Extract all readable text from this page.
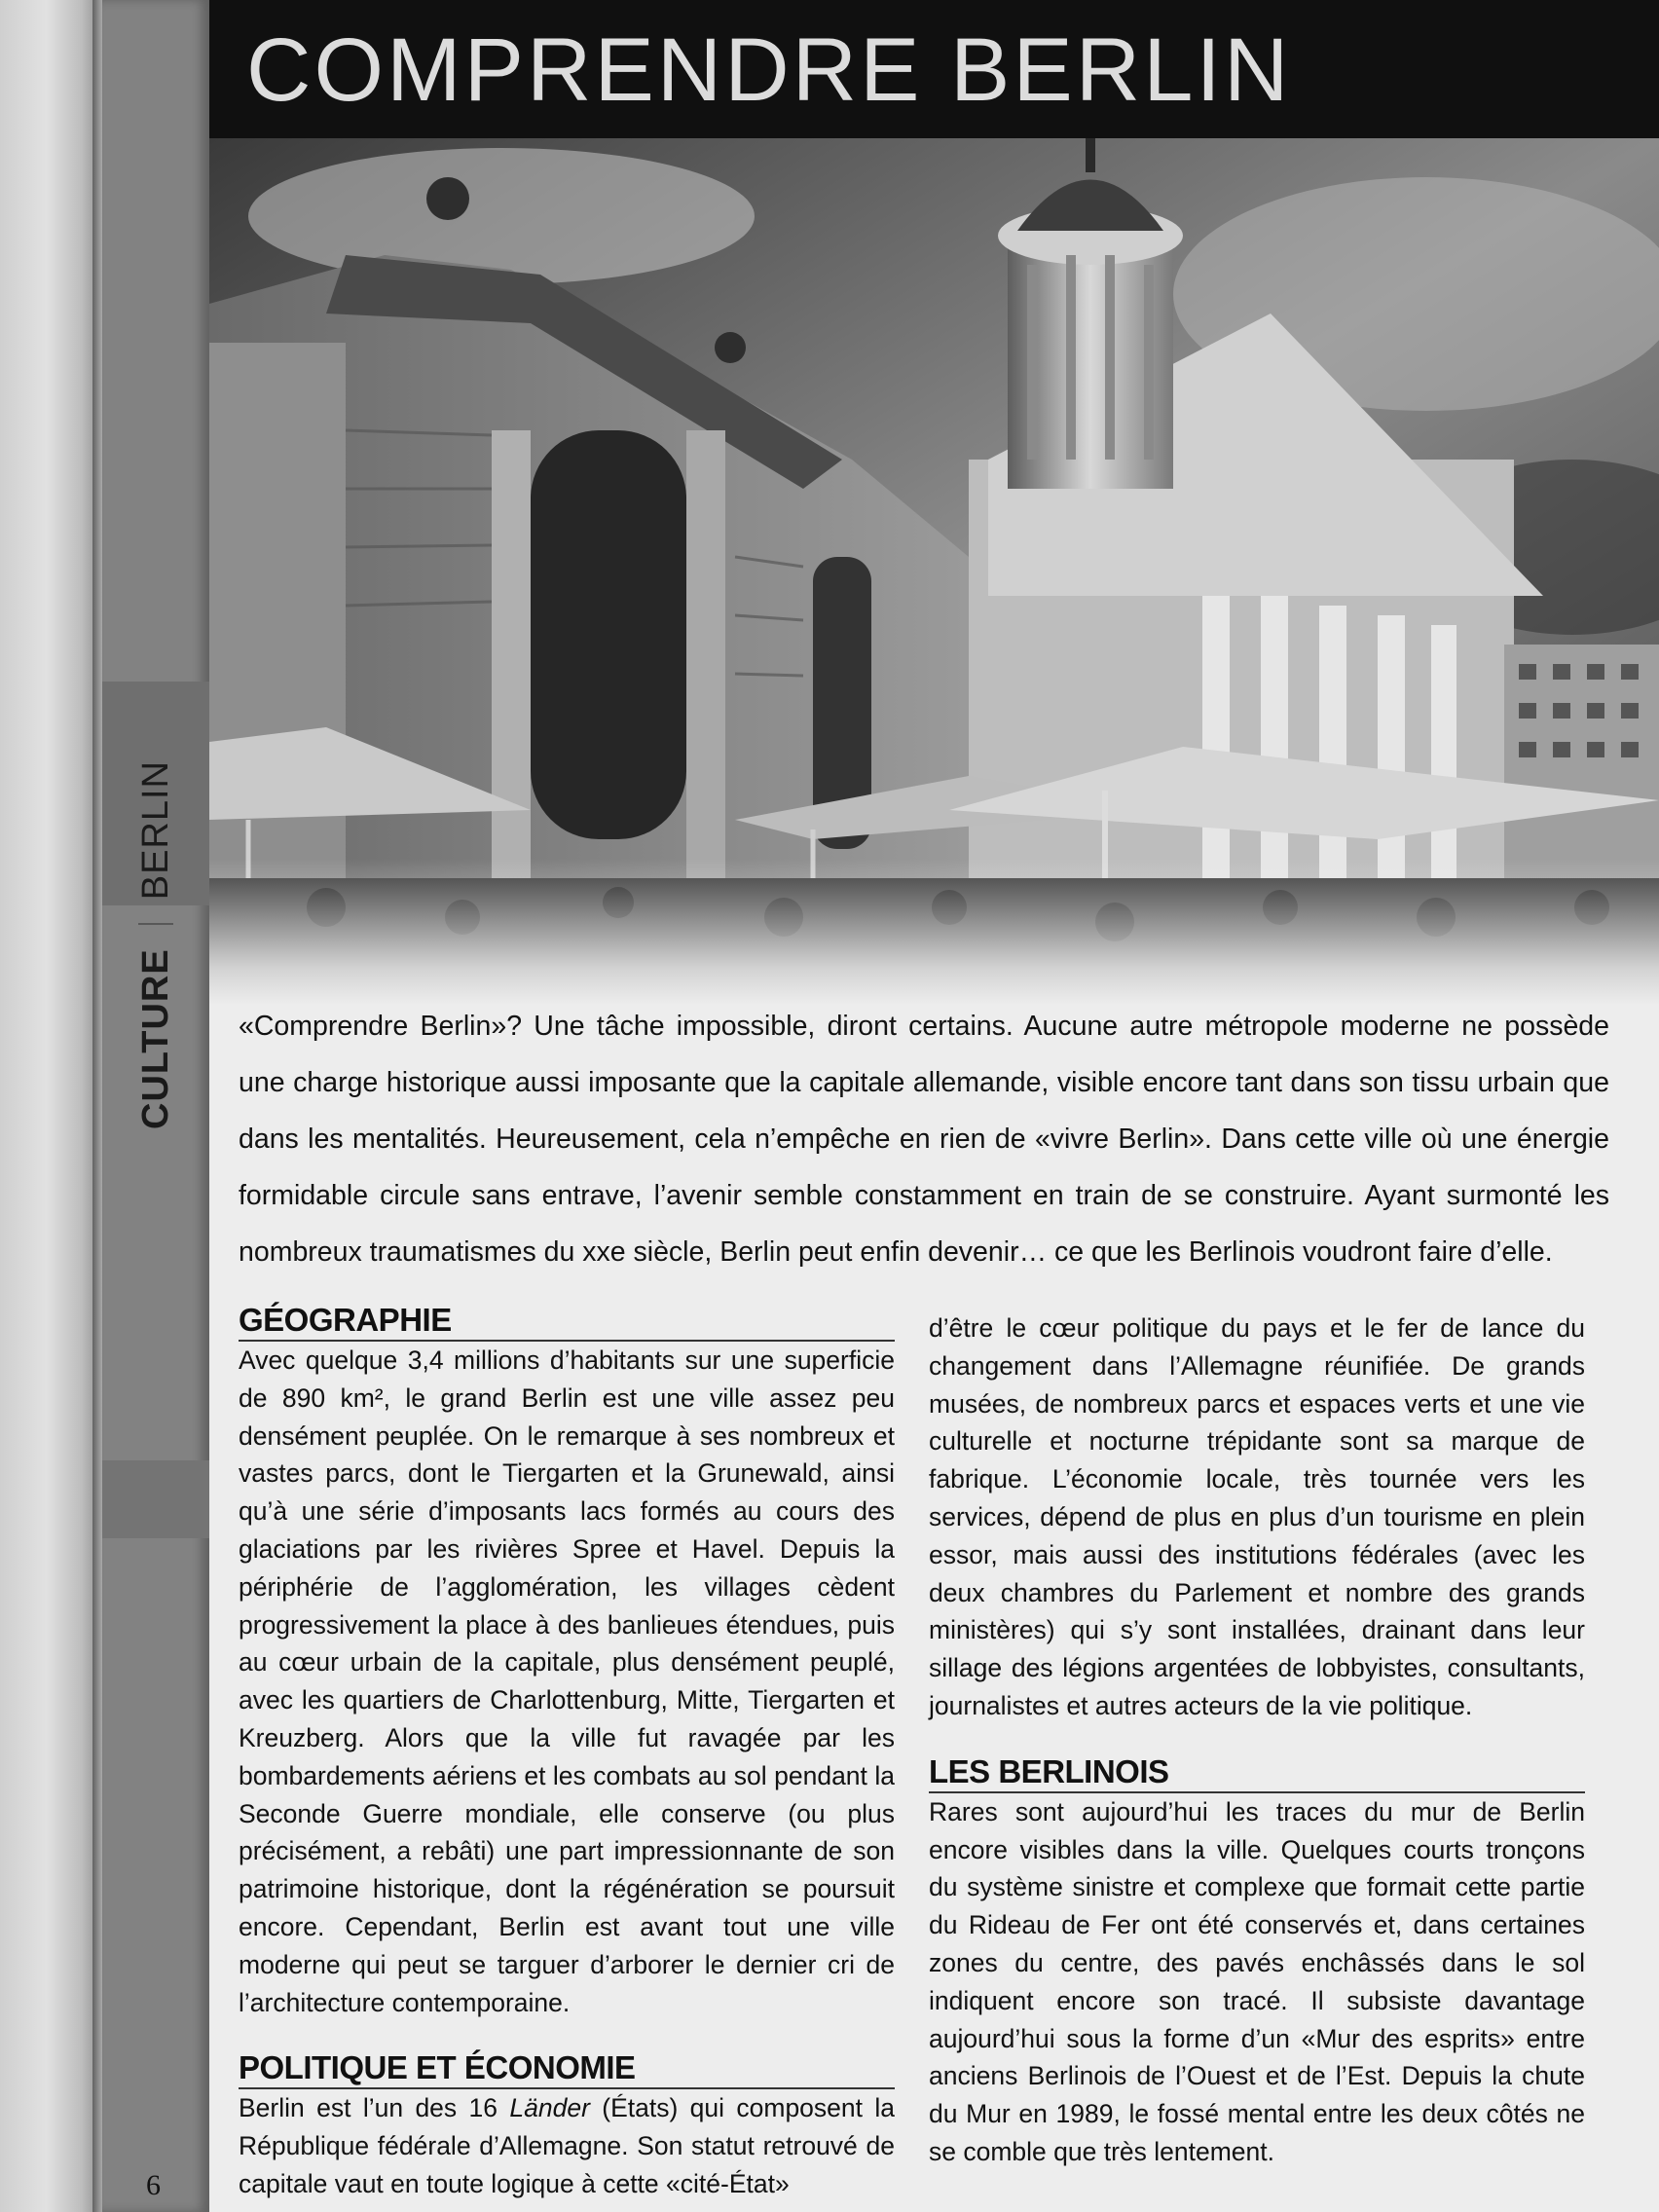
CULTURE
BERLIN
6
COMPRENDRE BERLIN

«Comprendre Berlin»? Une tâche impossible, diront certains. Aucune autre métropole moderne ne possède une charge historique aussi imposante que la capitale allemande, visible encore tant dans son tissu urbain que dans les mentalités. Heureusement, cela n’empêche en rien de «vivre Berlin». Dans cette ville où une énergie formidable circule sans entrave, l’avenir semble constamment en train de se construire. Ayant surmonté les nombreux traumatismes du xxe siècle, Berlin peut enfin devenir… ce que les Berlinois voudront faire d’elle.

GÉOGRAPHIE

Avec quelque 3,4 millions d’habitants sur une superficie de 890 km², le grand Berlin est une ville assez peu densément peuplée. On le remarque à ses nombreux et vastes parcs, dont le Tiergarten et la Grunewald, ainsi qu’à une série d’imposants lacs formés au cours des glaciations par les rivières Spree et Havel. Depuis la périphérie de l’agglomération, les villages cèdent progressivement la place à des banlieues étendues, puis au cœur urbain de la capitale, plus densément peuplé, avec les quartiers de Charlottenburg, Mitte, Tiergarten et Kreuzberg. Alors que la ville fut ravagée par les bombardements aériens et les combats au sol pendant la Seconde Guerre mondiale, elle conserve (ou plus précisément, a rebâti) une part impressionnante de son patrimoine historique, dont la régénération se poursuit encore. Cependant, Berlin est avant tout une ville moderne qui peut se targuer d’arborer le dernier cri de l’architecture contemporaine.

POLITIQUE ET ÉCONOMIE

Berlin est l’un des 16 Länder (États) qui composent la République fédérale d’Allemagne. Son statut retrouvé de capitale vaut en toute logique à cette «cité-État»

d’être le cœur politique du pays et le fer de lance du changement dans l’Allemagne réunifiée. De grands musées, de nombreux parcs et espaces verts et une vie culturelle et nocturne trépidante sont sa marque de fabrique. L’économie locale, très tournée vers les services, dépend de plus en plus d’un tourisme en plein essor, mais aussi des institutions fédérales (avec les deux chambres du Parlement et nombre des grands ministères) qui s’y sont installées, drainant dans leur sillage des légions argentées de lobbyistes, consultants, journalistes et autres acteurs de la vie politique.

LES BERLINOIS

Rares sont aujourd’hui les traces du mur de Berlin encore visibles dans la ville. Quelques courts tronçons du système sinistre et complexe que formait cette partie du Rideau de Fer ont été conservés et, dans certaines zones du centre, des pavés enchâssés dans le sol indiquent encore son tracé. Il subsiste davantage aujourd’hui sous la forme d’un «Mur des esprits» entre anciens Berlinois de l’Ouest et de l’Est. Depuis la chute du Mur en 1989, le fossé mental entre les deux côtés ne se comble que très lentement.
